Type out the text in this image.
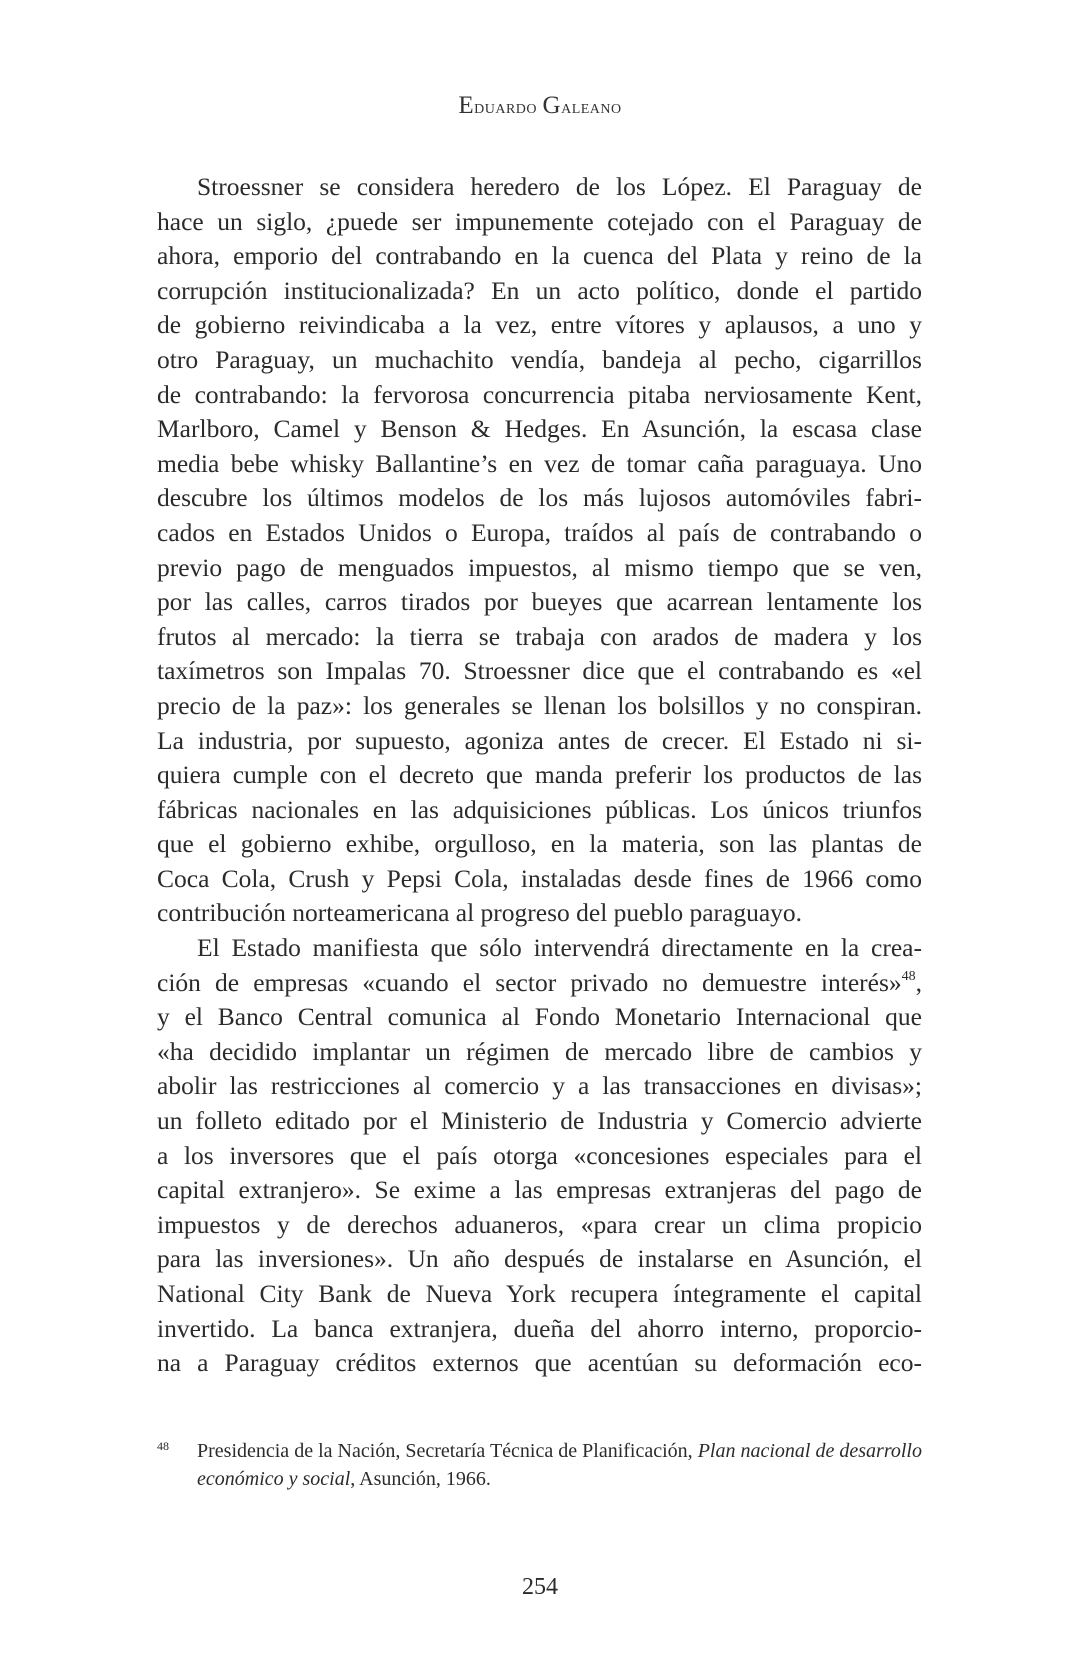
Eduardo Galeano
Stroessner se considera heredero de los López. El Paraguay de
hace un siglo, ¿puede ser impunemente cotejado con el Paraguay de
ahora, emporio del contrabando en la cuenca del Plata y reino de la
corrupción institucionalizada? En un acto político, donde el partido
de gobierno reivindicaba a la vez, entre vítores y aplausos, a uno y
otro Paraguay, un muchachito vendía, bandeja al pecho, cigarrillos
de contrabando: la fervorosa concurrencia pitaba nerviosamente Kent,
Marlboro, Camel y Benson & Hedges. En Asunción, la escasa clase
media bebe whisky Ballantine’s en vez de tomar caña paraguaya. Uno
descubre los últimos modelos de los más lujosos automóviles fabri-
cados en Estados Unidos o Europa, traídos al país de contrabando o
previo pago de menguados impuestos, al mismo tiempo que se ven,
por las calles, carros tirados por bueyes que acarrean lentamente los
frutos al mercado: la tierra se trabaja con arados de madera y los
taxímetros son Impalas 70. Stroessner dice que el contrabando es «el
precio de la paz»: los generales se llenan los bolsillos y no conspiran.
La industria, por supuesto, agoniza antes de crecer. El Estado ni si-
quiera cumple con el decreto que manda preferir los productos de las
fábricas nacionales en las adquisiciones públicas. Los únicos triunfos
que el gobierno exhibe, orgulloso, en la materia, son las plantas de
Coca Cola, Crush y Pepsi Cola, instaladas desde fines de 1966 como
contribución norteamericana al progreso del pueblo paraguayo.
El Estado manifiesta que sólo intervendrá directamente en la crea-
ción de empresas «cuando el sector privado no demuestre interés»$^{48}$,
y el Banco Central comunica al Fondo Monetario Internacional que
«ha decidido implantar un régimen de mercado libre de cambios y
abolir las restricciones al comercio y a las transacciones en divisas»;
un folleto editado por el Ministerio de Industria y Comercio advierte
a los inversores que el país otorga «concesiones especiales para el
capital extranjero». Se exime a las empresas extranjeras del pago de
impuestos y de derechos aduaneros, «para crear un clima propicio
para las inversiones». Un año después de instalarse en Asunción, el
National City Bank de Nueva York recupera íntegramente el capital
invertido. La banca extranjera, dueña del ahorro interno, proporcio-
na a Paraguay créditos externos que acentúan su deformación eco-
48 Presidencia de la Nación, Secretaría Técnica de Planificación, Plan nacional de desarrollo económico y social, Asunción, 1966.
254
